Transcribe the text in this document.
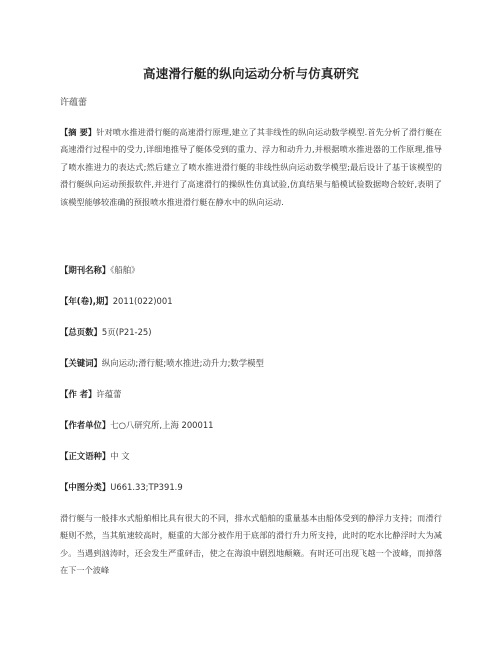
高速滑行艇的纵向运动分析与仿真研究
许蕴蕾
【摘 要】针对喷水推进滑行艇的高速滑行原理,建立了其非线性的纵向运动数学模型.首先分析了滑行艇在高速滑行过程中的受力,详细地推导了艇体受到的重力、浮力和动升力,并根据喷水推进器的工作原理,推导了喷水推进力的表达式;然后建立了喷水推进滑行艇的非线性纵向运动数学模型;最后设计了基于该模型的滑行艇纵向运动预报软件,并进行了高速滑行的操纵性仿真试验,仿真结果与船模试验数据吻合较好,表明了该模型能够较准确的预报喷水推进滑行艇在静水中的纵向运动.
【期刊名称】《船舶》
【年(卷),期】2011(022)001
【总页数】5页(P21-25)
【关键词】纵向运动;滑行艇;喷水推进;动升力;数学模型
【作 者】许蕴蕾
【作者单位】七○八研究所,上海 200011
【正文语种】中 文
【中图分类】U661.33;TP391.9
滑行艇与一般排水式船舶相比具有很大的不同，排水式船舶的重量基本由船体受到的静浮力支持；而滑行艇则不然，当其航速较高时，艇重的大部分被作用于底部的滑行升力所支持，此时的吃水比静浮时大为减少。当遇到汹涛时，还会发生严重砰击，使之在海浪中剧烈地颠簸。有时还可出现飞越一个波峰，而掉落在下一个波峰
